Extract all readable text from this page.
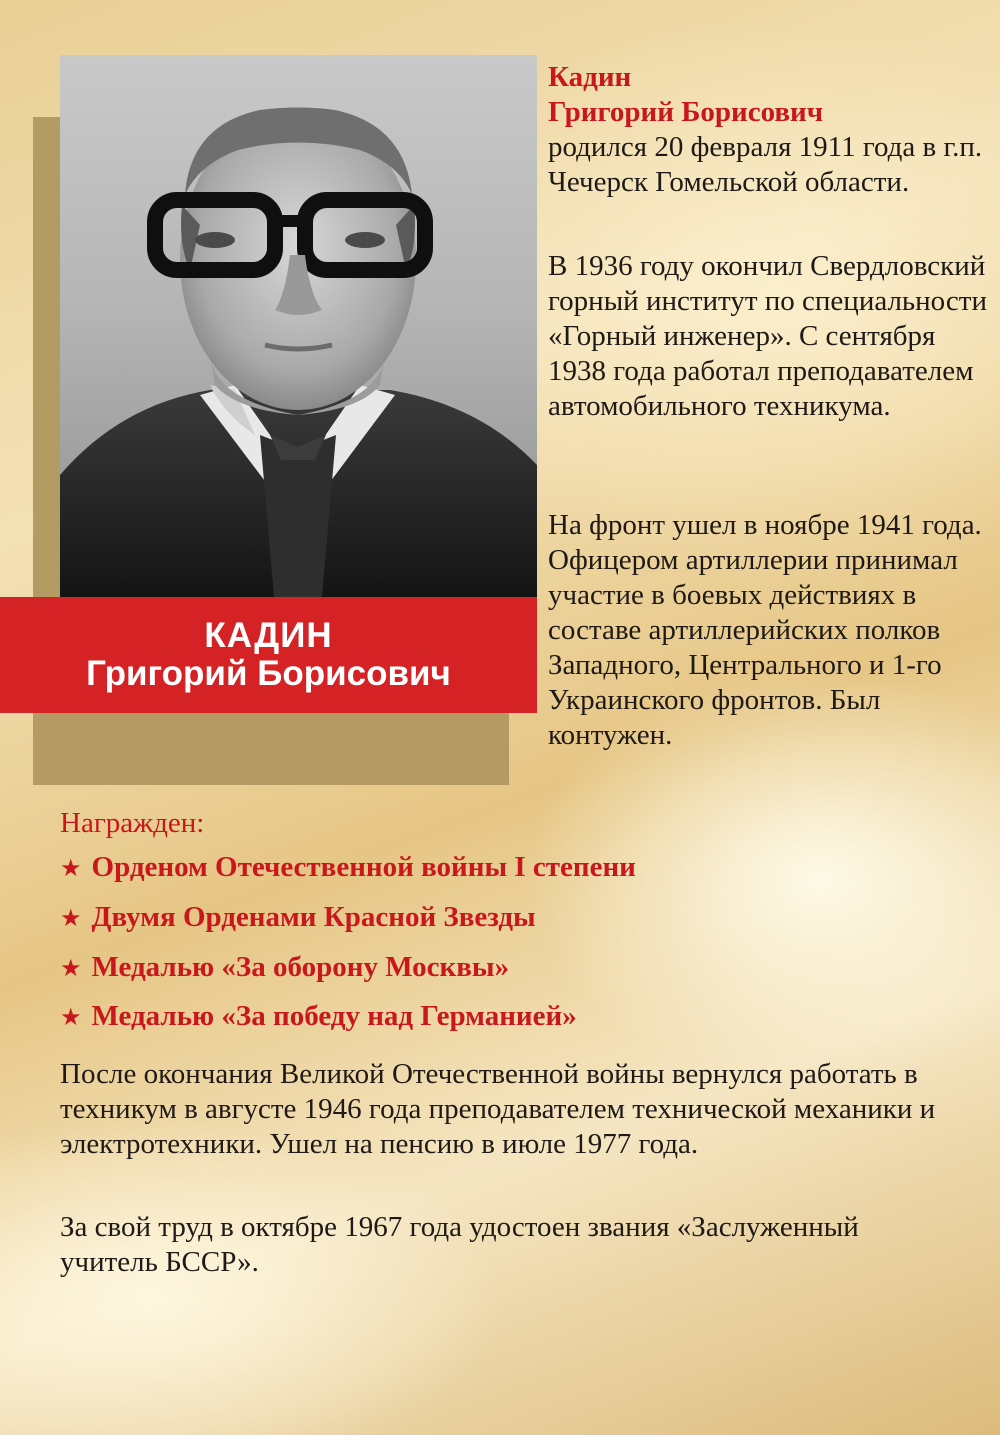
КАДИН
Григорий Борисович
Кадин
Григорий Борисович

родился 20 февраля 1911 года в г.п. Чечерск Гомельской области.

В 1936 году окончил Свердловский горный институт по специальности «Горный инженер». С сентября 1938 года работал преподавателем автомобильного техникума.

На фронт ушел в ноябре 1941 года. Офицером артиллерии принимал участие в боевых действиях в составе артиллерийских полков Западного, Центрального и 1-го Украинского фронтов. Был контужен.

Награжден:
★ Орденом Отечественной войны I степени
★ Двумя Орденами Красной Звезды
★ Медалью «За оборону Москвы»
★ Медалью «За победу над Германией»

После окончания Великой Отечественной войны вернулся работать в техникум в августе 1946 года преподавателем технической механики и электротехники. Ушел на пенсию в июле 1977 года.

За свой труд в октябре 1967 года удостоен звания «Заслуженный учитель БССР».
